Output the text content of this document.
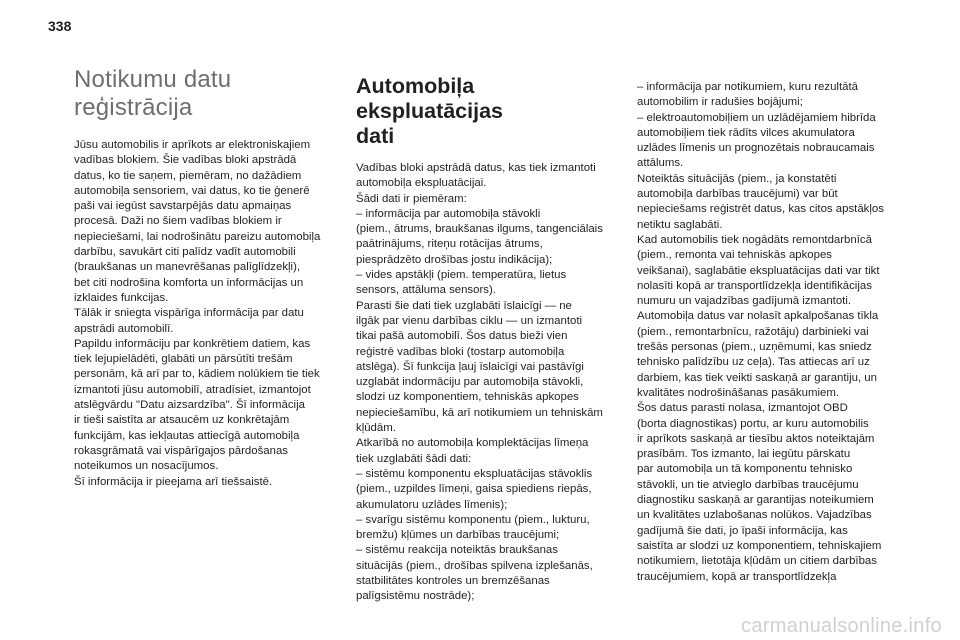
338
Notikumu datu reģistrācija

Jūsu automobilis ir aprīkots ar elektroniskajiem

vadības blokiem. Šie vadības bloki apstrādā

datus, ko tie saņem, piemēram, no dažādiem

automobiļa sensoriem, vai datus, ko tie ģenerē

paši vai iegūst savstarpējās datu apmaiņas

procesā. Daži no šiem vadības blokiem ir

nepieciešami, lai nodrošinātu pareizu automobiļa

darbību, savukārt citi palīdz vadīt automobili

(braukšanas un manevrēšanas palīglīdzekļi),

bet citi nodrošina komforta un informācijas un

izklaides funkcijas.

Tālāk ir sniegta vispārīga informācija par datu

apstrādi automobilī.

Papildu informāciju par konkrētiem datiem, kas

tiek lejupielādēti, glabāti un pārsūtīti trešām

personām, kā arī par to, kādiem nolūkiem tie tiek

izmantoti jūsu automobilī, atradīsiet, izmantojot

atslēgvārdu "Datu aizsardzība". Šī informācija

ir tieši saistīta ar atsaucēm uz konkrētajām

funkcijām, kas iekļautas attiecīgā automobiļa

rokasgrāmatā vai vispārīgajos pārdošanas

noteikumos un nosacījumos.

Šī informācija ir pieejama arī tiešsaistē.

Automobiļa ekspluatācijas
dati

Vadības bloki apstrādā datus, kas tiek izmantoti

automobiļa ekspluatācijai.

Šādi dati ir piemēram:

– informācija par automobiļa stāvokli

(piem., ātrums, braukšanas ilgums, tangenciālais

paātrinājums, riteņu rotācijas ātrums,

piesprādzēto drošības jostu indikācija);

– vides apstākļi (piem. temperatūra, lietus

sensors, attāluma sensors).

Parasti šie dati tiek uzglabāti īslaicīgi — ne

ilgāk par vienu darbības ciklu — un izmantoti

tikai pašā automobilī. Šos datus bieži vien

reģistrē vadības bloki (tostarp automobiļa

atslēga). Šī funkcija ļauj īslaicīgi vai pastāvīgi

uzglabāt indormāciju par automobiļa stāvokli,

slodzi uz komponentiem, tehniskās apkopes

nepieciešamību, kā arī notikumiem un tehniskām

kļūdām.

Atkarībā no automobiļa komplektācijas līmeņa

tiek uzglabāti šādi dati:

– sistēmu komponentu ekspluatācijas stāvoklis

(piem., uzpildes līmeņi, gaisa spiediens riepās,

akumulatoru uzlādes līmenis);

– svarīgu sistēmu komponentu (piem., lukturu,

bremžu) kļūmes un darbības traucējumi;

– sistēmu reakcija noteiktās braukšanas

situācijās (piem., drošības spilvena izplešanās,

statbilitātes kontroles un bremzēšanas

palīgsistēmu nostrāde);

– informācija par notikumiem, kuru rezultātā

automobilim ir radušies bojājumi;

– elektroautomobiļiem un uzlādējamiem hibrīda

automobiļiem tiek rādīts vilces akumulatora

uzlādes līmenis un prognozētais nobraucamais

attālums.

Noteiktās situācijās (piem., ja konstatēti

automobiļa darbības traucējumi) var būt

nepieciešams reģistrēt datus, kas citos apstākļos

netiktu saglabāti.

Kad automobilis tiek nogādāts remontdarbnīcā

(piem., remonta vai tehniskās apkopes

veikšanai), saglabātie ekspluatācijas dati var tikt

nolasīti kopā ar transportlīdzekļa identifikācijas

numuru un vajadzības gadījumā izmantoti.

Automobiļa datus var nolasīt apkalpošanas tīkla

(piem., remontarbnīcu, ražotāju) darbinieki vai

trešās personas (piem., uzņēmumi, kas sniedz

tehnisko palīdzību uz ceļa). Tas attiecas arī uz

darbiem, kas tiek veikti saskaņā ar garantiju, un

kvalitātes nodrošināšanas pasākumiem.

Šos datus parasti nolasa, izmantojot OBD

(borta diagnostikas) portu, ar kuru automobilis

ir aprīkots saskaņā ar tiesību aktos noteiktajām

prasībām. Tos izmanto, lai iegūtu pārskatu

par automobiļa un tā komponentu tehnisko

stāvokli, un tie atvieglo darbības traucējumu

diagnostiku saskaņā ar garantijas noteikumiem

un kvalitātes uzlabošanas nolūkos. Vajadzības

gadījumā šie dati, jo īpaši informācija, kas

saistīta ar slodzi uz komponentiem, tehniskajiem

notikumiem, lietotāja kļūdām un citiem darbības

traucējumiem, kopā ar transportlīdzekļa

carmanualsonline.info
